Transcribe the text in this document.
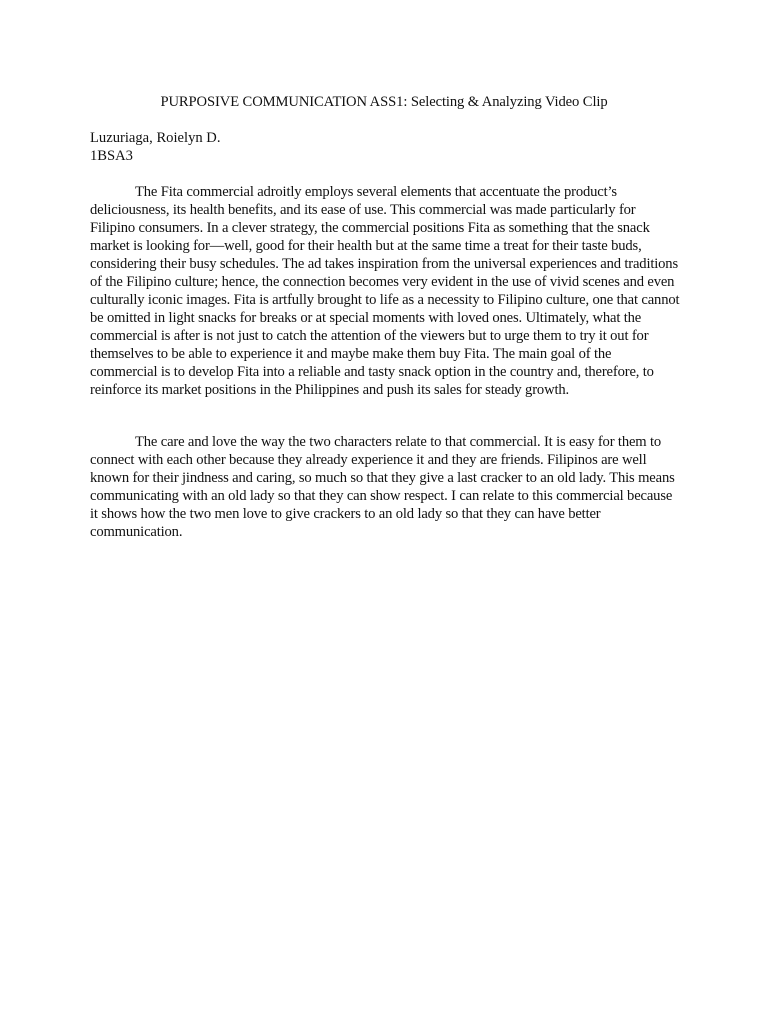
PURPOSIVE COMMUNICATION ASS1: Selecting & Analyzing Video Clip
Luzuriaga, Roielyn D.
1BSA3

The Fita commercial adroitly employs several elements that accentuate the product’s deliciousness, its health benefits, and its ease of use. This commercial was made particularly for Filipino consumers. In a clever strategy, the commercial positions Fita as something that the snack market is looking for—well, good for their health but at the same time a treat for their taste buds, considering their busy schedules. The ad takes inspiration from the universal experiences and traditions of the Filipino culture; hence, the connection becomes very evident in the use of vivid scenes and even culturally iconic images. Fita is artfully brought to life as a necessity to Filipino culture, one that cannot be omitted in light snacks for breaks or at special moments with loved ones. Ultimately, what the commercial is after is not just to catch the attention of the viewers but to urge them to try it out for themselves to be able to experience it and maybe make them buy Fita. The main goal of the commercial is to develop Fita into a reliable and tasty snack option in the country and, therefore, to reinforce its market positions in the Philippines and push its sales for steady growth.

The care and love the way the two characters relate to that commercial. It is easy for them to connect with each other because they already experience it and they are friends. Filipinos are well known for their jindness and caring, so much so that they give a last cracker to an old lady. This means communicating with an old lady so that they can show respect. I can relate to this commercial because it shows how the two men love to give crackers to an old lady so that they can have better communication.
